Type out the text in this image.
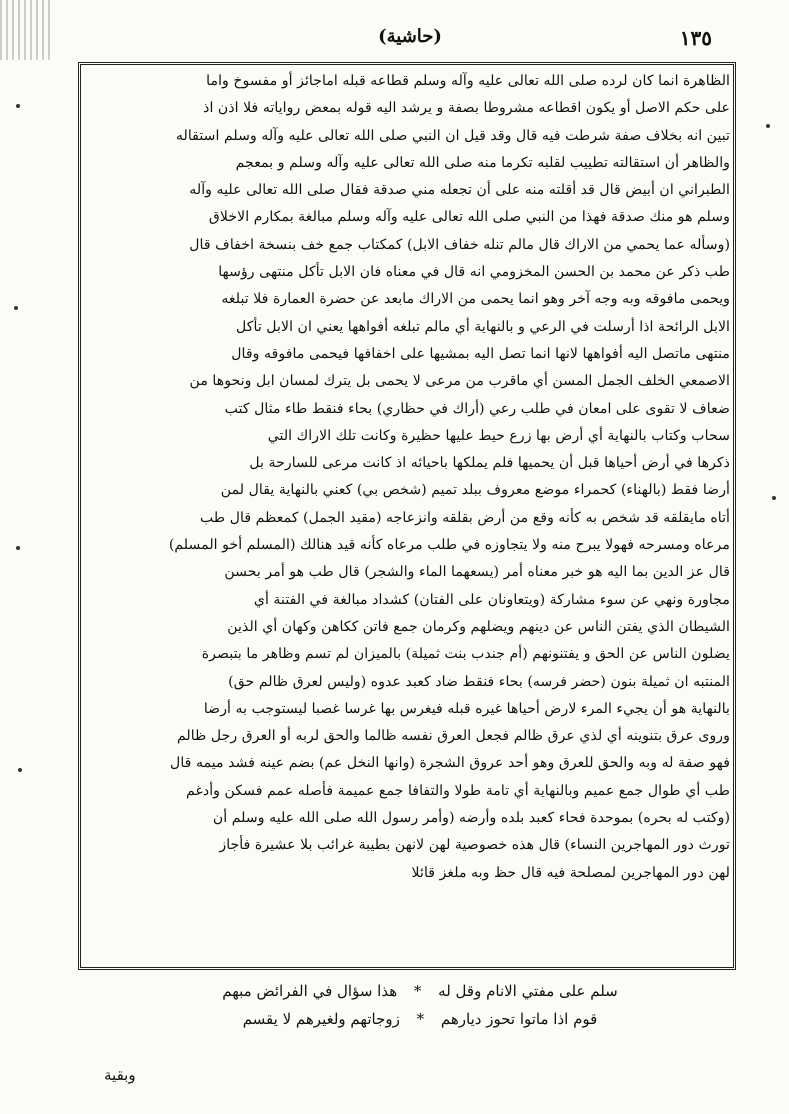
١٣٥
(حاشية)

الظاهرة انما كان لرده صلى الله تعالى عليه وآله وسلم قطاعه قبله اماجائز أو مفسوخ واما

على حكم الاصل أو يكون اقطاعه مشروطا بصفة و يرشد اليه قوله بمعض رواياته فلا اذن اذ

تبين انه بخلاف صفة شرطت فيه قال وقد قيل ان النبي صلى الله تعالى عليه وآله وسلم استقاله

والظاهر أن استقالته تطييب لقلبه تكرما منه صلى الله تعالى عليه وآله وسلم و بمعجم

الطبراني ان أبيض قال قد أقلته منه على أن تجعله مني صدقة فقال صلى الله تعالى عليه وآله

وسلم هو منك صدقة فهذا من النبي صلى الله تعالى عليه وآله وسلم مبالغة بمكارم الاخلاق

(وسأله عما يحمي من الاراك قال مالم تنله خفاف الابل) كمكتاب جمع خف بنسخة اخفاف قال

طب ذكر عن محمد بن الحسن المخزومي انه قال في معناه فان الابل تأكل منتهى رؤسها

ويحمى مافوقه وبه وجه آخر وهو انما يحمى من الاراك مابعد عن حضرة العمارة فلا تبلغه

الابل الرائحة اذا أرسلت في الرعي و بالنهاية أي مالم تبلغه أفواهها يعني ان الابل تأكل

منتهى ماتصل اليه أفواهها لانها انما تصل اليه بمشيها على اخفافها فيحمى مافوقه وقال

الاصمعي الخلف الجمل المسن أي ماقرب من مرعى لا يحمى بل يترك لمسان ابل ونحوها من

ضعاف لا تقوى على امعان في طلب رعي (أراك في حظاري) بحاء فنقط طاء مثال كتب

سحاب وكتاب بالنهاية أي أرض بها زرع حيط عليها حظيرة وكانت تلك الاراك التي

ذكرها في أرض أحياها قبل أن يحميها فلم يملكها باحيائه اذ كانت مرعى للسارحة بل

أرضا فقط (بالهناء) كحمراء موضع معروف ببلد تميم (شخص بي) كعني بالنهاية يقال لمن

أتاه مايقلقه قد شخص به كأنه وقع من أرض بقلقه وانزعاجه (مقيد الجمل) كمعظم قال طب

مرعاه ومسرحه فهولا يبرح منه ولا يتجاوزه في طلب مرعاه كأنه قيد هنالك (المسلم أخو المسلم)

قال عز الدين بما اليه هو خبر معناه أمر (يسعهما الماء والشجر) قال طب هو أمر بحسن

مجاورة ونهي عن سوء مشاركة (ويتعاونان على الفتان) كشداد مبالغة في الفتنة أي

الشيطان الذي يفتن الناس عن دينهم ويضلهم وكرمان جمع فاتن ككاهن وكهان أي الذين

يضلون الناس عن الحق و يفتنونهم (أم جندب بنت ثميلة) بالميزان لم تسم وظاهر ما بتبصرة

المنتبه ان ثميلة بنون (حضر فرسه) بحاء فنقط ضاد كعبد عدوه (وليس لعرق ظالم حق)

بالنهاية هو أن يجيء المرء لارض أحياها غيره قبله فيغرس بها غرسا غصبا ليستوجب به أرضا

وروى عرق بتنوينه أي لذي عرق ظالم فجعل العرق نفسه ظالما والحق لربه أو العرق رجل ظالم

فهو صفة له وبه والحق للعرق وهو أحد عروق الشجرة (وانها النخل عم) بضم عينه فشد ميمه قال

طب أي طوال جمع عميم وبالنهاية أي تامة طولا والتفافا جمع عميمة فأصله عمم فسكن وأدغم

(وكتب له بحره) بموحدة فحاء كعبد بلده وأرضه (وأمر رسول الله صلى الله عليه وسلم أن

تورث دور المهاجرين النساء) قال هذه خصوصية لهن لانهن بطيبة غرائب بلا عشيرة فأجاز

لهن دور المهاجرين لمصلحة فيه قال حظ وبه ملغز قائلا

سلم على مفتي الانام وقل له * هذا سؤال في الفرائض مبهم
قوم اذا ماتوا تحوز ديارهم * زوجاتهم ولغيرهم لا يقسم
وبقية
